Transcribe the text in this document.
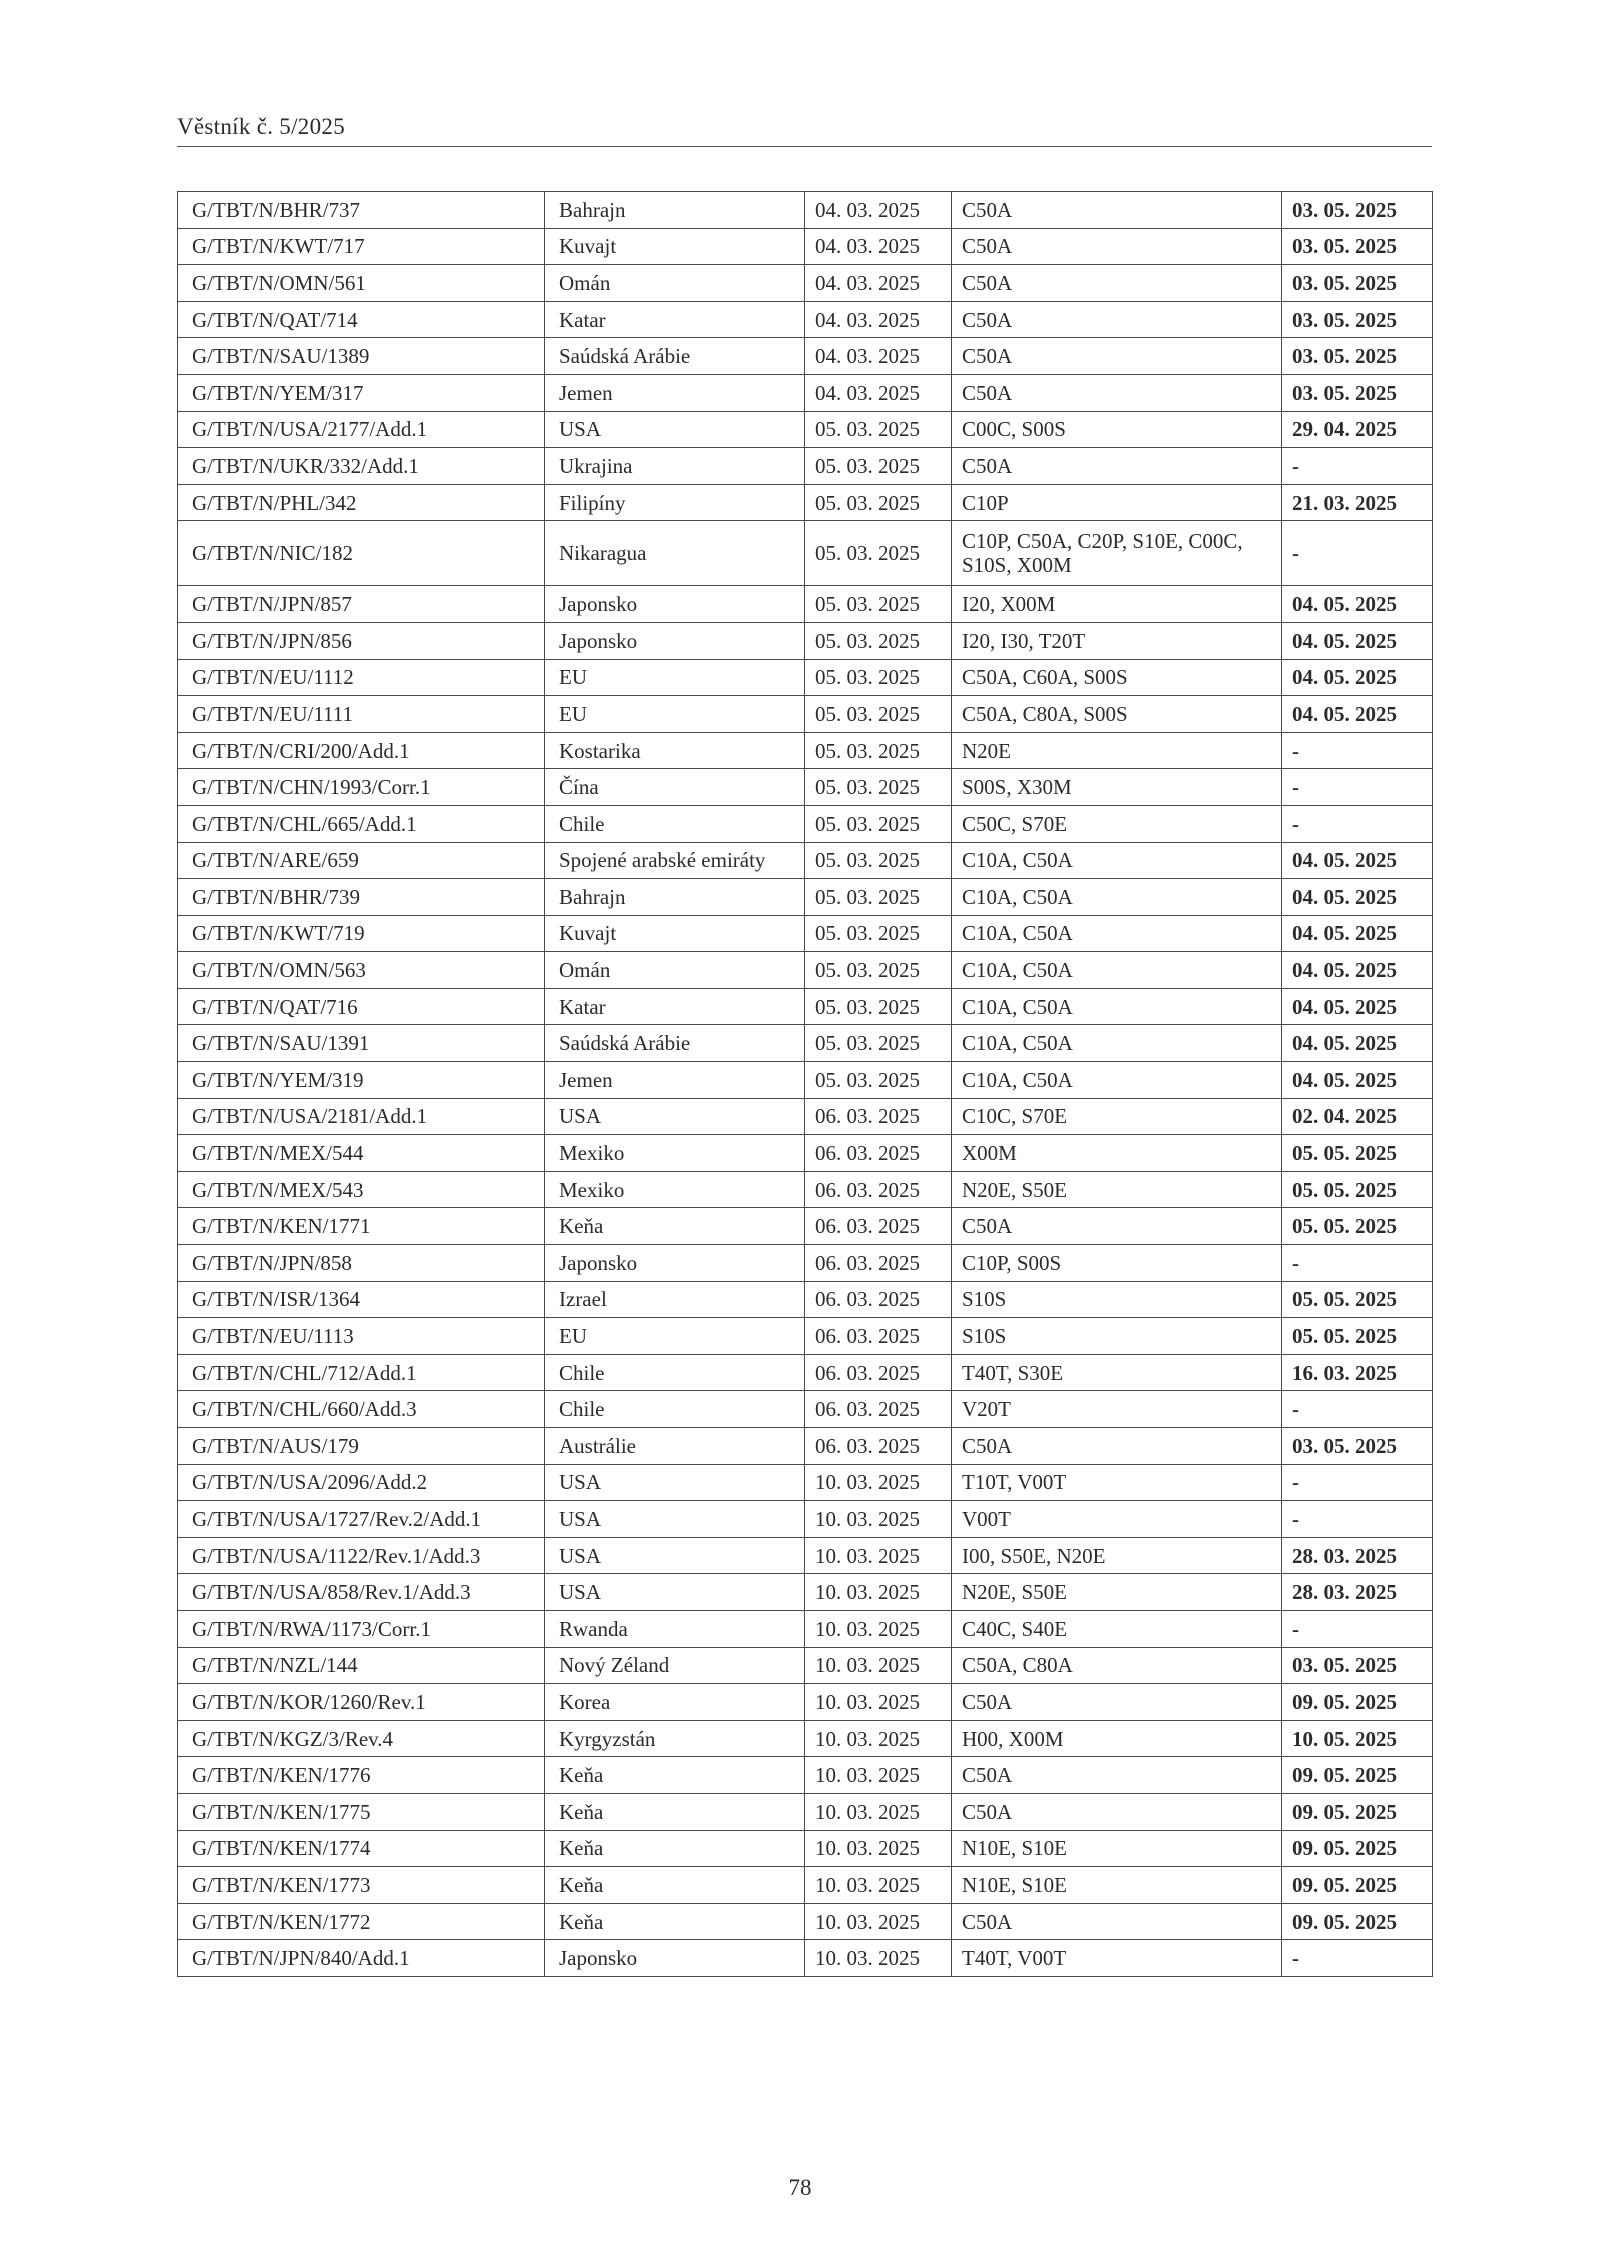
Věstník č. 5/2025
G/TBT/N/BHR/737	Bahrajn	04. 03. 2025	C50A	03. 05. 2025
G/TBT/N/KWT/717	Kuvajt	04. 03. 2025	C50A	03. 05. 2025
G/TBT/N/OMN/561	Omán	04. 03. 2025	C50A	03. 05. 2025
G/TBT/N/QAT/714	Katar	04. 03. 2025	C50A	03. 05. 2025
G/TBT/N/SAU/1389	Saúdská Arábie	04. 03. 2025	C50A	03. 05. 2025
G/TBT/N/YEM/317	Jemen	04. 03. 2025	C50A	03. 05. 2025
G/TBT/N/USA/2177/Add.1	USA	05. 03. 2025	C00C, S00S	29. 04. 2025
G/TBT/N/UKR/332/Add.1	Ukrajina	05. 03. 2025	C50A	-
G/TBT/N/PHL/342	Filipíny	05. 03. 2025	C10P	21. 03. 2025
G/TBT/N/NIC/182	Nikaragua	05. 03. 2025	C10P, C50A, C20P, S10E, C00C, S10S, X00M	-
G/TBT/N/JPN/857	Japonsko	05. 03. 2025	I20, X00M	04. 05. 2025
G/TBT/N/JPN/856	Japonsko	05. 03. 2025	I20, I30, T20T	04. 05. 2025
G/TBT/N/EU/1112	EU	05. 03. 2025	C50A, C60A, S00S	04. 05. 2025
G/TBT/N/EU/1111	EU	05. 03. 2025	C50A, C80A, S00S	04. 05. 2025
G/TBT/N/CRI/200/Add.1	Kostarika	05. 03. 2025	N20E	-
G/TBT/N/CHN/1993/Corr.1	Čína	05. 03. 2025	S00S, X30M	-
G/TBT/N/CHL/665/Add.1	Chile	05. 03. 2025	C50C, S70E	-
G/TBT/N/ARE/659	Spojené arabské emiráty	05. 03. 2025	C10A, C50A	04. 05. 2025
G/TBT/N/BHR/739	Bahrajn	05. 03. 2025	C10A, C50A	04. 05. 2025
G/TBT/N/KWT/719	Kuvajt	05. 03. 2025	C10A, C50A	04. 05. 2025
G/TBT/N/OMN/563	Omán	05. 03. 2025	C10A, C50A	04. 05. 2025
G/TBT/N/QAT/716	Katar	05. 03. 2025	C10A, C50A	04. 05. 2025
G/TBT/N/SAU/1391	Saúdská Arábie	05. 03. 2025	C10A, C50A	04. 05. 2025
G/TBT/N/YEM/319	Jemen	05. 03. 2025	C10A, C50A	04. 05. 2025
G/TBT/N/USA/2181/Add.1	USA	06. 03. 2025	C10C, S70E	02. 04. 2025
G/TBT/N/MEX/544	Mexiko	06. 03. 2025	X00M	05. 05. 2025
G/TBT/N/MEX/543	Mexiko	06. 03. 2025	N20E, S50E	05. 05. 2025
G/TBT/N/KEN/1771	Keňa	06. 03. 2025	C50A	05. 05. 2025
G/TBT/N/JPN/858	Japonsko	06. 03. 2025	C10P, S00S	-
G/TBT/N/ISR/1364	Izrael	06. 03. 2025	S10S	05. 05. 2025
G/TBT/N/EU/1113	EU	06. 03. 2025	S10S	05. 05. 2025
G/TBT/N/CHL/712/Add.1	Chile	06. 03. 2025	T40T, S30E	16. 03. 2025
G/TBT/N/CHL/660/Add.3	Chile	06. 03. 2025	V20T	-
G/TBT/N/AUS/179	Austrálie	06. 03. 2025	C50A	03. 05. 2025
G/TBT/N/USA/2096/Add.2	USA	10. 03. 2025	T10T, V00T	-
G/TBT/N/USA/1727/Rev.2/Add.1	USA	10. 03. 2025	V00T	-
G/TBT/N/USA/1122/Rev.1/Add.3	USA	10. 03. 2025	I00, S50E, N20E	28. 03. 2025
G/TBT/N/USA/858/Rev.1/Add.3	USA	10. 03. 2025	N20E, S50E	28. 03. 2025
G/TBT/N/RWA/1173/Corr.1	Rwanda	10. 03. 2025	C40C, S40E	-
G/TBT/N/NZL/144	Nový Zéland	10. 03. 2025	C50A, C80A	03. 05. 2025
G/TBT/N/KOR/1260/Rev.1	Korea	10. 03. 2025	C50A	09. 05. 2025
G/TBT/N/KGZ/3/Rev.4	Kyrgyzstán	10. 03. 2025	H00, X00M	10. 05. 2025
G/TBT/N/KEN/1776	Keňa	10. 03. 2025	C50A	09. 05. 2025
G/TBT/N/KEN/1775	Keňa	10. 03. 2025	C50A	09. 05. 2025
G/TBT/N/KEN/1774	Keňa	10. 03. 2025	N10E, S10E	09. 05. 2025
G/TBT/N/KEN/1773	Keňa	10. 03. 2025	N10E, S10E	09. 05. 2025
G/TBT/N/KEN/1772	Keňa	10. 03. 2025	C50A	09. 05. 2025
G/TBT/N/JPN/840/Add.1	Japonsko	10. 03. 2025	T40T, V00T	-
78
